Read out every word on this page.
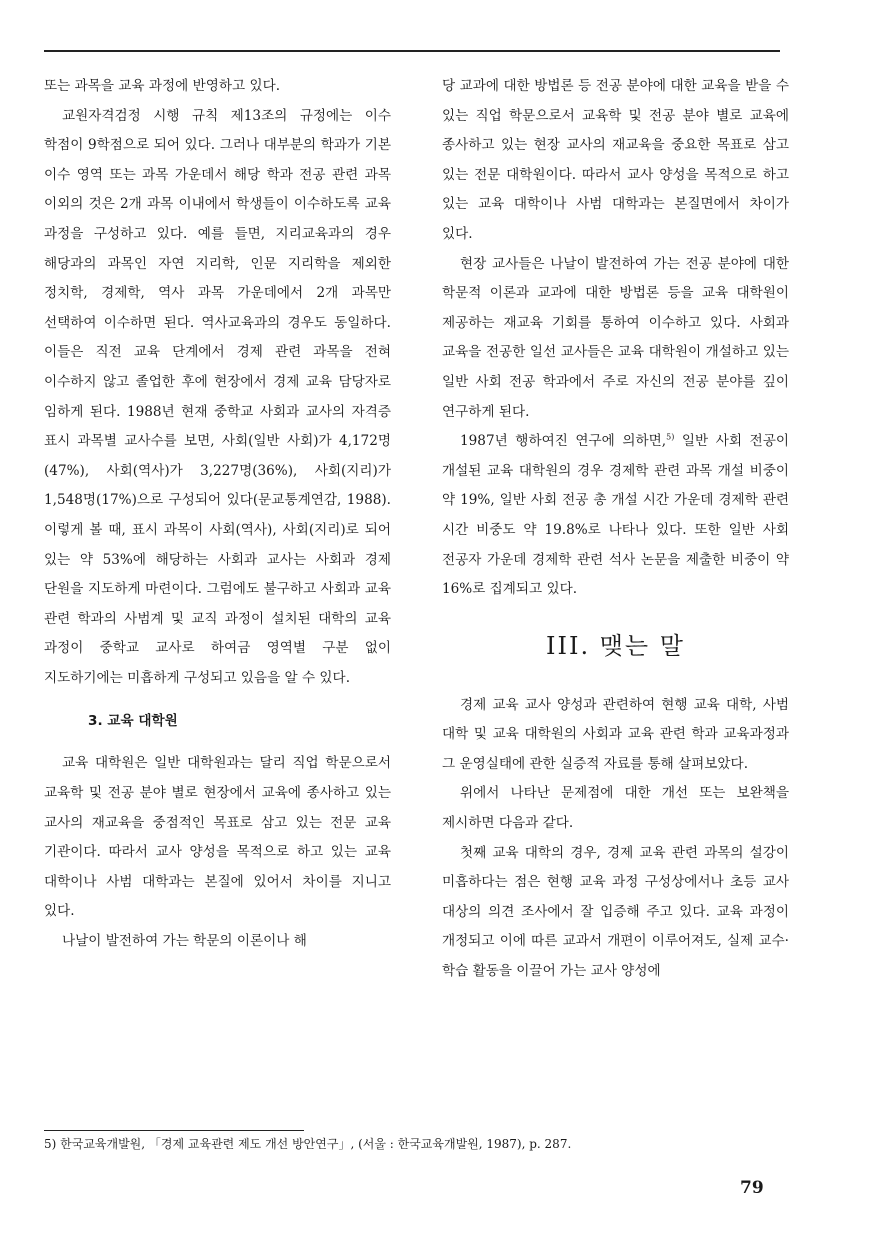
또는 과목을 교육 과정에 반영하고 있다.

교원자격검정 시행 규칙 제13조의 규정에는 이수 학점이 9학점으로 되어 있다. 그러나 대부분의 학과가 기본 이수 영역 또는 과목 가운데서 해당 학과 전공 관련 과목 이외의 것은 2개 과목 이내에서 학생들이 이수하도록 교육 과정을 구성하고 있다. 예를 들면, 지리교육과의 경우 해당과의 과목인 자연 지리학, 인문 지리학을 제외한 정치학, 경제학, 역사 과목 가운데에서 2개 과목만 선택하여 이수하면 된다. 역사교육과의 경우도 동일하다. 이들은 직전 교육 단계에서 경제 관련 과목을 전혀 이수하지 않고 졸업한 후에 현장에서 경제 교육 담당자로 임하게 된다. 1988년 현재 중학교 사회과 교사의 자격증 표시 과목별 교사수를 보면, 사회(일반 사회)가 4,172명(47%), 사회(역사)가 3,227명(36%), 사회(지리)가 1,548명(17%)으로 구성되어 있다(문교통계연감, 1988). 이렇게 볼 때, 표시 과목이 사회(역사), 사회(지리)로 되어 있는 약 53%에 해당하는 사회과 교사는 사회과 경제 단원을 지도하게 마련이다. 그럼에도 불구하고 사회과 교육 관련 학과의 사범계 및 교직 과정이 설치된 대학의 교육 과정이 중학교 교사로 하여금 영역별 구분 없이 지도하기에는 미흡하게 구성되고 있음을 알 수 있다.

3. 교육 대학원

교육 대학원은 일반 대학원과는 달리 직업 학문으로서 교육학 및 전공 분야 별로 현장에서 교육에 종사하고 있는 교사의 재교육을 중점적인 목표로 삼고 있는 전문 교육 기관이다. 따라서 교사 양성을 목적으로 하고 있는 교육 대학이나 사범 대학과는 본질에 있어서 차이를 지니고 있다.

나날이 발전하여 가는 학문의 이론이나 해

당 교과에 대한 방법론 등 전공 분야에 대한 교육을 받을 수 있는 직업 학문으로서 교육학 및 전공 분야 별로 교육에 종사하고 있는 현장 교사의 재교육을 중요한 목표로 삼고 있는 전문 대학원이다. 따라서 교사 양성을 목적으로 하고 있는 교육 대학이나 사범 대학과는 본질면에서 차이가 있다.

현장 교사들은 나날이 발전하여 가는 전공 분야에 대한 학문적 이론과 교과에 대한 방법론 등을 교육 대학원이 제공하는 재교육 기회를 통하여 이수하고 있다. 사회과 교육을 전공한 일선 교사들은 교육 대학원이 개설하고 있는 일반 사회 전공 학과에서 주로 자신의 전공 분야를 깊이 연구하게 된다.

1987년 행하여진 연구에 의하면,$^{5)}$ 일반 사회 전공이 개설된 교육 대학원의 경우 경제학 관련 과목 개설 비중이 약 19%, 일반 사회 전공 총 개설 시간 가운데 경제학 관련 시간 비중도 약 19.8%로 나타나 있다. 또한 일반 사회 전공자 가운데 경제학 관련 석사 논문을 제출한 비중이 약 16%로 집계되고 있다.

III. 맺는 말

경제 교육 교사 양성과 관련하여 현행 교육 대학, 사범 대학 및 교육 대학원의 사회과 교육 관련 학과 교육과정과 그 운영실태에 관한 실증적 자료를 통해 살펴보았다.

위에서 나타난 문제점에 대한 개선 또는 보완책을 제시하면 다음과 같다.

첫째 교육 대학의 경우, 경제 교육 관련 과목의 설강이 미흡하다는 점은 현행 교육 과정 구성상에서나 초등 교사 대상의 의견 조사에서 잘 입증해 주고 있다. 교육 과정이 개정되고 이에 따른 교과서 개편이 이루어져도, 실제 교수·학습 활동을 이끌어 가는 교사 양성에

5) 한국교육개발원, 「경제 교육관련 제도 개선 방안연구」, (서울 : 한국교육개발원, 1987), p. 287.
79
